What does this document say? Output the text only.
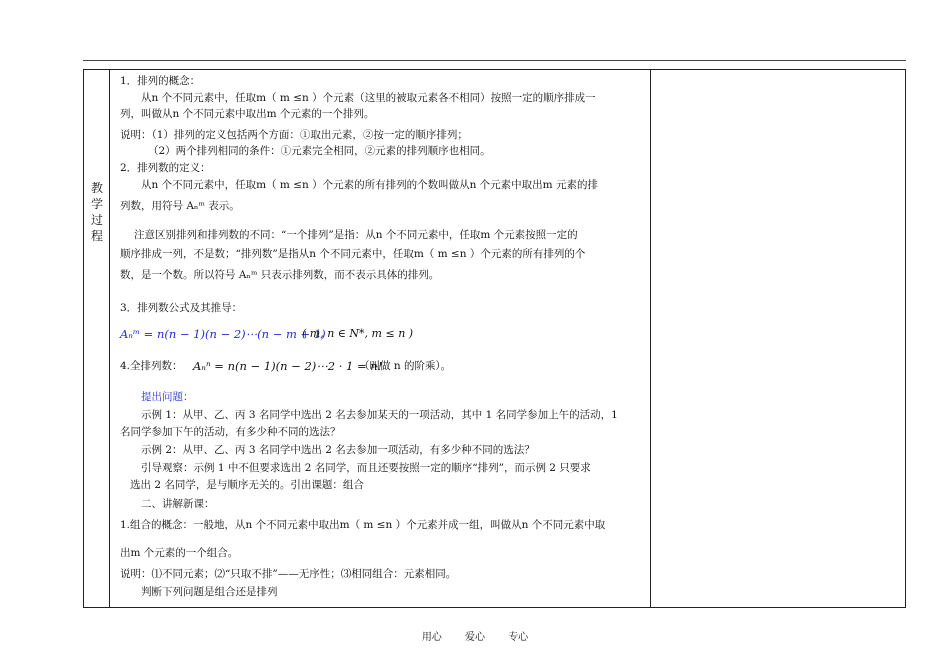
教
学
过
程
1．排列的概念：
从n 个不同元素中，任取m（ m ≤n ）个元素（这里的被取元素各不相同）按照一定的顺序排成一
列，叫做从n 个不同元素中取出m 个元素的一个排列。
说明：（1）排列的定义包括两个方面：①取出元素，②按一定的顺序排列；
（2）两个排列相同的条件：①元素完全相同，②元素的排列顺序也相同。
2．排列数的定义：
从n 个不同元素中，任取m（ m ≤n ）个元素的所有排列的个数叫做从n 个元素中取出m 元素的排
列数，用符号 Aₙᵐ 表示。
注意区别排列和排列数的不同：“一个排列”是指：从n 个不同元素中，任取m 个元素按照一定的
顺序排成一列，不是数；“排列数”是指从n 个不同元素中，任取m（ m ≤n ）个元素的所有排列的个
数，是一个数。所以符号 Aₙᵐ 只表示排列数，而不表示具体的排列。
3．排列数公式及其推导：
Aₙᵐ = n(n − 1)(n − 2)⋯(n − m + 1)
( m, n ∈ N*, m ≤ n )
4.全排列数： Aₙⁿ = n(n − 1)(n − 2)⋯2 · 1 = n!
（叫做 n 的阶乘）。
提出问题：
示例 1：从甲、乙、丙 3 名同学中选出 2 名去参加某天的一项活动，其中 1 名同学参加上午的活动，1
名同学参加下午的活动，有多少种不同的选法？
示例 2：从甲、乙、丙 3 名同学中选出 2 名去参加一项活动，有多少种不同的选法？
引导观察：示例 1 中不但要求选出 2 名同学，而且还要按照一定的顺序“排列”，而示例 2 只要求
选出 2 名同学，是与顺序无关的。引出课题：组合
二、讲解新课：
1.组合的概念：一般地，从n 个不同元素中取出m（ m ≤n ）个元素并成一组，叫做从n 个不同元素中取
出m 个元素的一个组合。
说明：⑴不同元素；⑵“只取不排”——无序性；⑶相同组合：元素相同。
判断下列问题是组合还是排列
用心 爱心 专心
